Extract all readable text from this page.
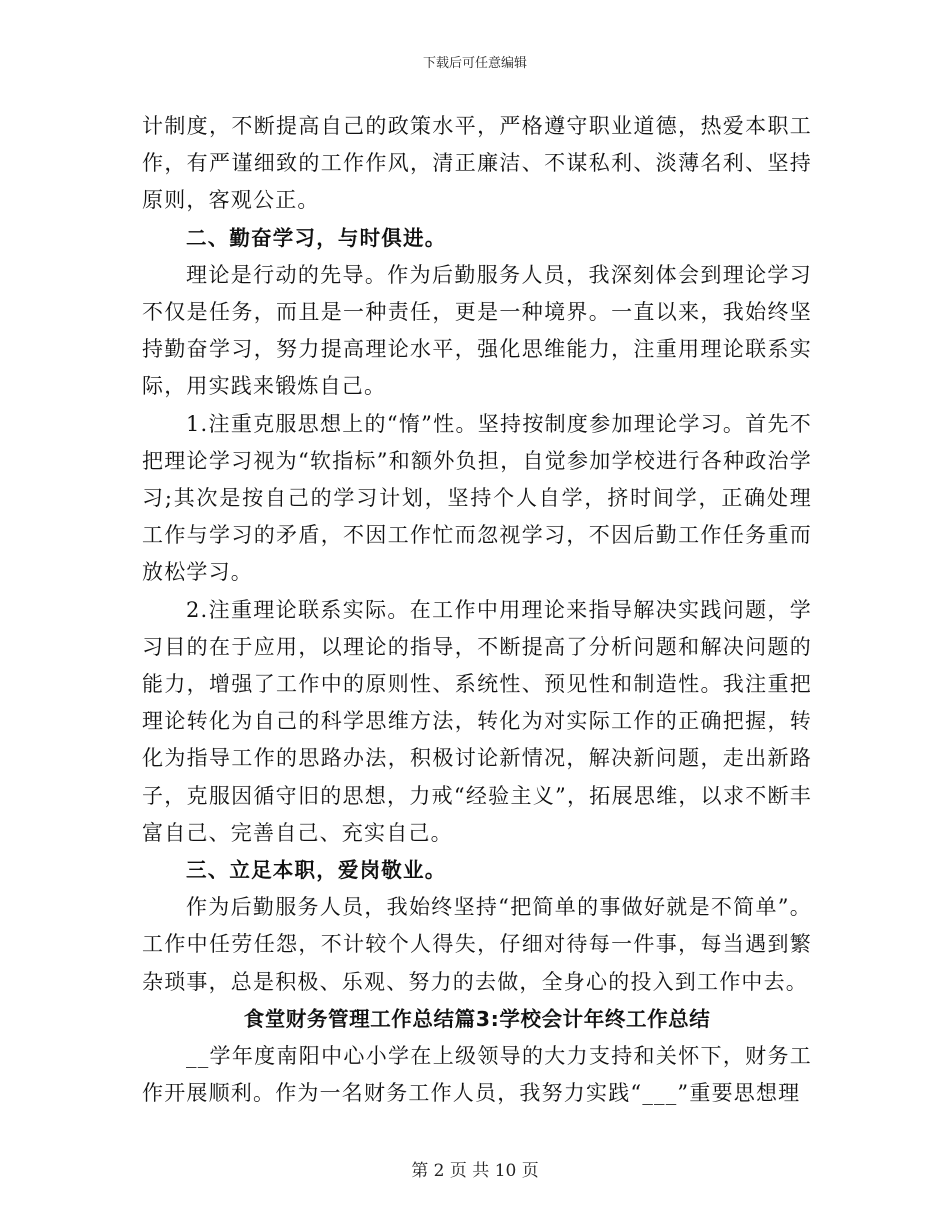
下载后可任意编辑

计制度，不断提高自己的政策水平，严格遵守职业道德，热爱本职工作，有严谨细致的工作作风，清正廉洁、不谋私利、淡薄名利、坚持原则，客观公正。

二、勤奋学习，与时俱进。

理论是行动的先导。作为后勤服务人员，我深刻体会到理论学习不仅是任务，而且是一种责任，更是一种境界。一直以来，我始终坚持勤奋学习，努力提高理论水平，强化思维能力，注重用理论联系实际，用实践来锻炼自己。

1.注重克服思想上的“惰”性。坚持按制度参加理论学习。首先不把理论学习视为“软指标”和额外负担，自觉参加学校进行各种政治学习;其次是按自己的学习计划，坚持个人自学，挤时间学，正确处理工作与学习的矛盾，不因工作忙而忽视学习，不因后勤工作任务重而放松学习。

2.注重理论联系实际。在工作中用理论来指导解决实践问题，学习目的在于应用，以理论的指导，不断提高了分析问题和解决问题的能力，增强了工作中的原则性、系统性、预见性和制造性。我注重把理论转化为自己的科学思维方法，转化为对实际工作的正确把握，转化为指导工作的思路办法，积极讨论新情况，解决新问题，走出新路子，克服因循守旧的思想，力戒“经验主义”，拓展思维，以求不断丰富自己、完善自己、充实自己。

三、立足本职，爱岗敬业。

作为后勤服务人员，我始终坚持“把简单的事做好就是不简单”。工作中任劳任怨，不计较个人得失，仔细对待每一件事，每当遇到繁杂琐事，总是积极、乐观、努力的去做，全身心的投入到工作中去。

食堂财务管理工作总结篇3:学校会计年终工作总结

__学年度南阳中心小学在上级领导的大力支持和关怀下，财务工作开展顺利。作为一名财务工作人员，我努力实践“___”重要思想理

第 2 页 共 10 页
